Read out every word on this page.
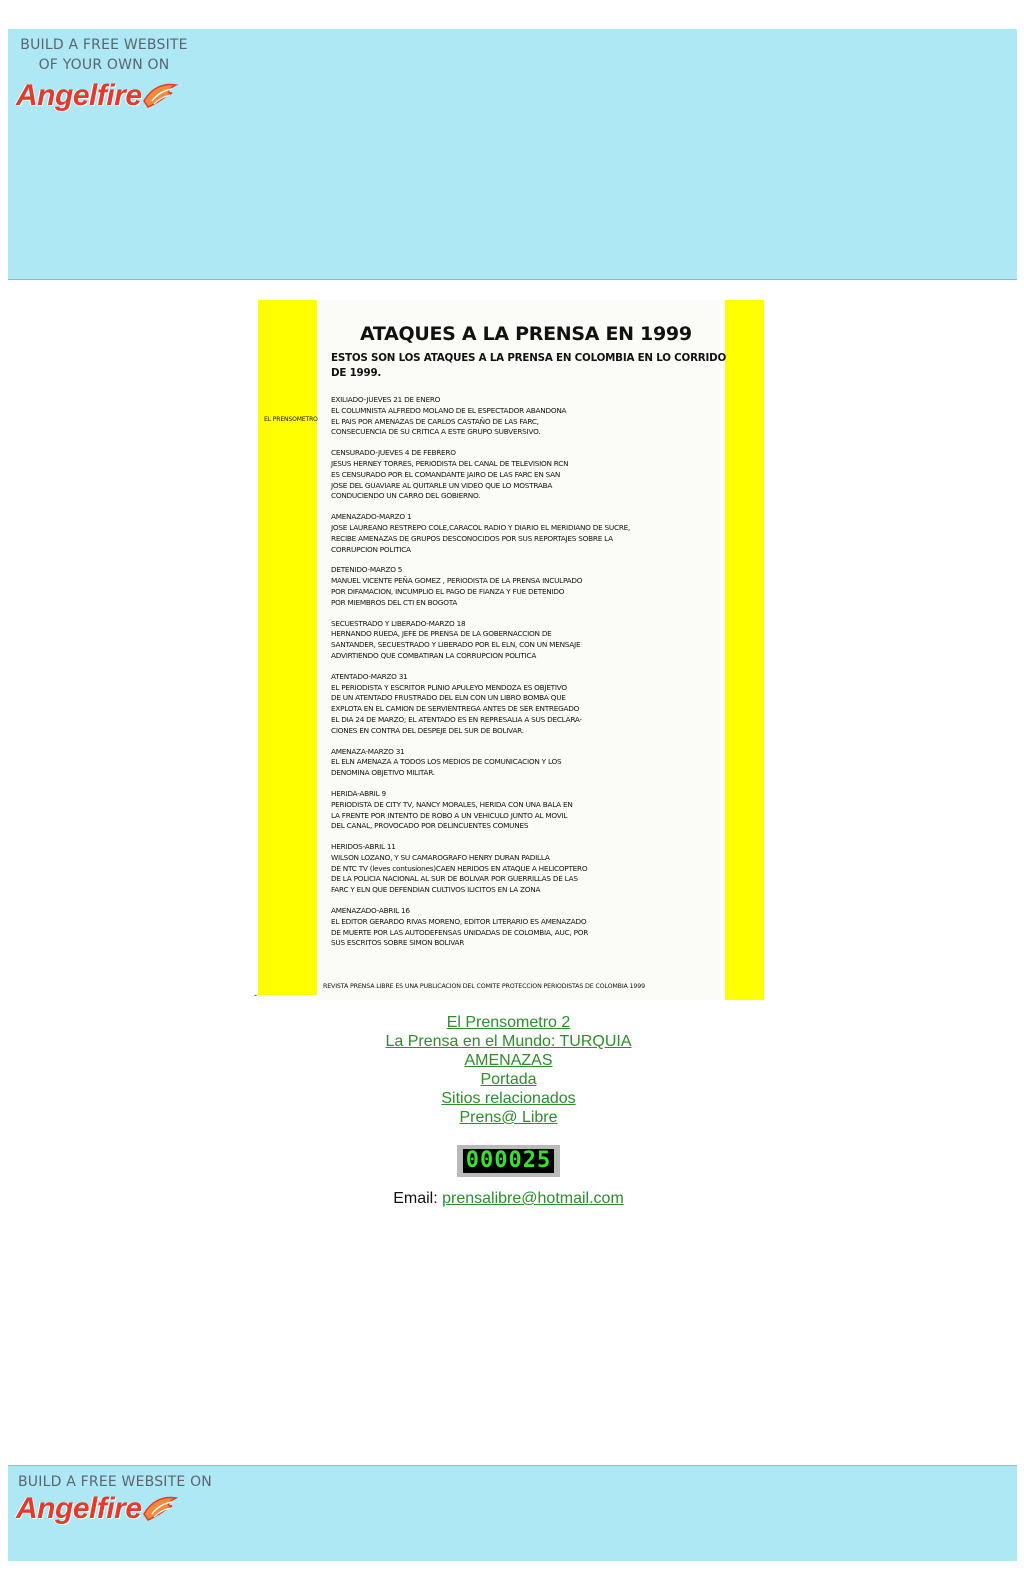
BUILD A FREE WEBSITE
OF YOUR OWN ON
Angelfire
ATAQUES A LA PRENSA EN 1999
ESTOS SON LOS ATAQUES A LA PRENSA EN COLOMBIA EN LO CORRIDO DE 1999.
EL PRENSOMETRO
EXILIADO-JUEVES 21 DE ENERO
EL COLUMNISTA ALFREDO MOLANO DE EL ESPECTADOR ABANDONA
EL PAIS POR AMENAZAS DE CARLOS CASTAÑO DE LAS FARC,
CONSECUENCIA DE SU CRITICA A ESTE GRUPO SUBVERSIVO.
CENSURADO-JUEVES 4 DE FEBRERO
JESUS HERNEY TORRES, PERIODISTA DEL CANAL DE TELEVISION RCN
ES CENSURADO POR EL COMANDANTE JAIRO DE LAS FARC EN SAN
JOSE DEL GUAVIARE AL QUITARLE UN VIDEO QUE LO MOSTRABA
CONDUCIENDO UN CARRO DEL GOBIERNO.
AMENAZADO-MARZO 1
JOSE LAUREANO RESTREPO COLE,CARACOL RADIO Y DIARIO EL MERIDIANO DE SUCRE,
RECIBE AMENAZAS DE GRUPOS DESCONOCIDOS POR SUS REPORTAJES SOBRE LA
CORRUPCION POLITICA
DETENIDO-MARZO 5
MANUEL VICENTE PEÑA GOMEZ , PERIODISTA DE LA PRENSA INCULPADO
POR DIFAMACION, INCUMPLIO EL PAGO DE FIANZA Y FUE DETENIDO
POR MIEMBROS DEL CTI EN BOGOTA
SECUESTRADO Y LIBERADO-MARZO 18
HERNANDO RUEDA, JEFE DE PRENSA DE LA GOBERNACCION DE
SANTANDER, SECUESTRADO Y LIBERADO POR EL ELN, CON UN MENSAJE
ADVIRTIENDO QUE COMBATIRAN LA CORRUPCION POLITICA
ATENTADO-MARZO 31
EL PERIODISTA Y ESCRITOR PLINIO APULEYO MENDOZA ES OBJETIVO
DE UN ATENTADO FRUSTRADO DEL ELN CON UN LIBRO BOMBA QUE
EXPLOTA EN EL CAMION DE SERVIENTREGA ANTES DE SER ENTREGADO
EL DIA 24 DE MARZO; EL ATENTADO ES EN REPRESALIA A SUS DECLARA-
CIONES EN CONTRA DEL DESPEJE DEL SUR DE BOLIVAR.
AMENAZA-MARZO 31
EL ELN AMENAZA A TODOS LOS MEDIOS DE COMUNICACION Y LOS
DENOMINA OBJETIVO MILITAR.
HERIDA-ABRIL 9
PERIODISTA DE CITY TV, NANCY MORALES, HERIDA CON UNA BALA EN
LA FRENTE POR INTENTO DE ROBO A UN VEHICULO JUNTO AL MOVIL
DEL CANAL, PROVOCADO POR DELINCUENTES COMUNES
HERIDOS-ABRIL 11
WILSON LOZANO, Y SU CAMAROGRAFO HENRY DURAN PADILLA
DE NTC TV (leves contusiones)CAEN HERIDOS EN ATAQUE A HELICOPTERO
DE LA POLICIA NACIONAL AL SUR DE BOLIVAR POR GUERRILLAS DE LAS
FARC Y ELN QUE DEFENDIAN CULTIVOS ILICITOS EN LA ZONA
AMENAZADO-ABRIL 16
EL EDITOR GERARDO RIVAS MORENO, EDITOR LITERARIO ES AMENAZADO
DE MUERTE POR LAS AUTODEFENSAS UNIDADAS DE COLOMBIA, AUC, POR
SUS ESCRITOS SOBRE SIMON BOLIVAR
REVISTA PRENSA LIBRE ES UNA PUBLICACION DEL COMITE PROTECCION PERIODISTAS DE COLOMBIA 1999
-
El Prensometro 2
La Prensa en el Mundo: TURQUIA
AMENAZAS
Portada
Sitios relacionados
Prens@ Libre
000025
Email: prensalibre@hotmail.com
BUILD A FREE WEBSITE ON
Angelfire
